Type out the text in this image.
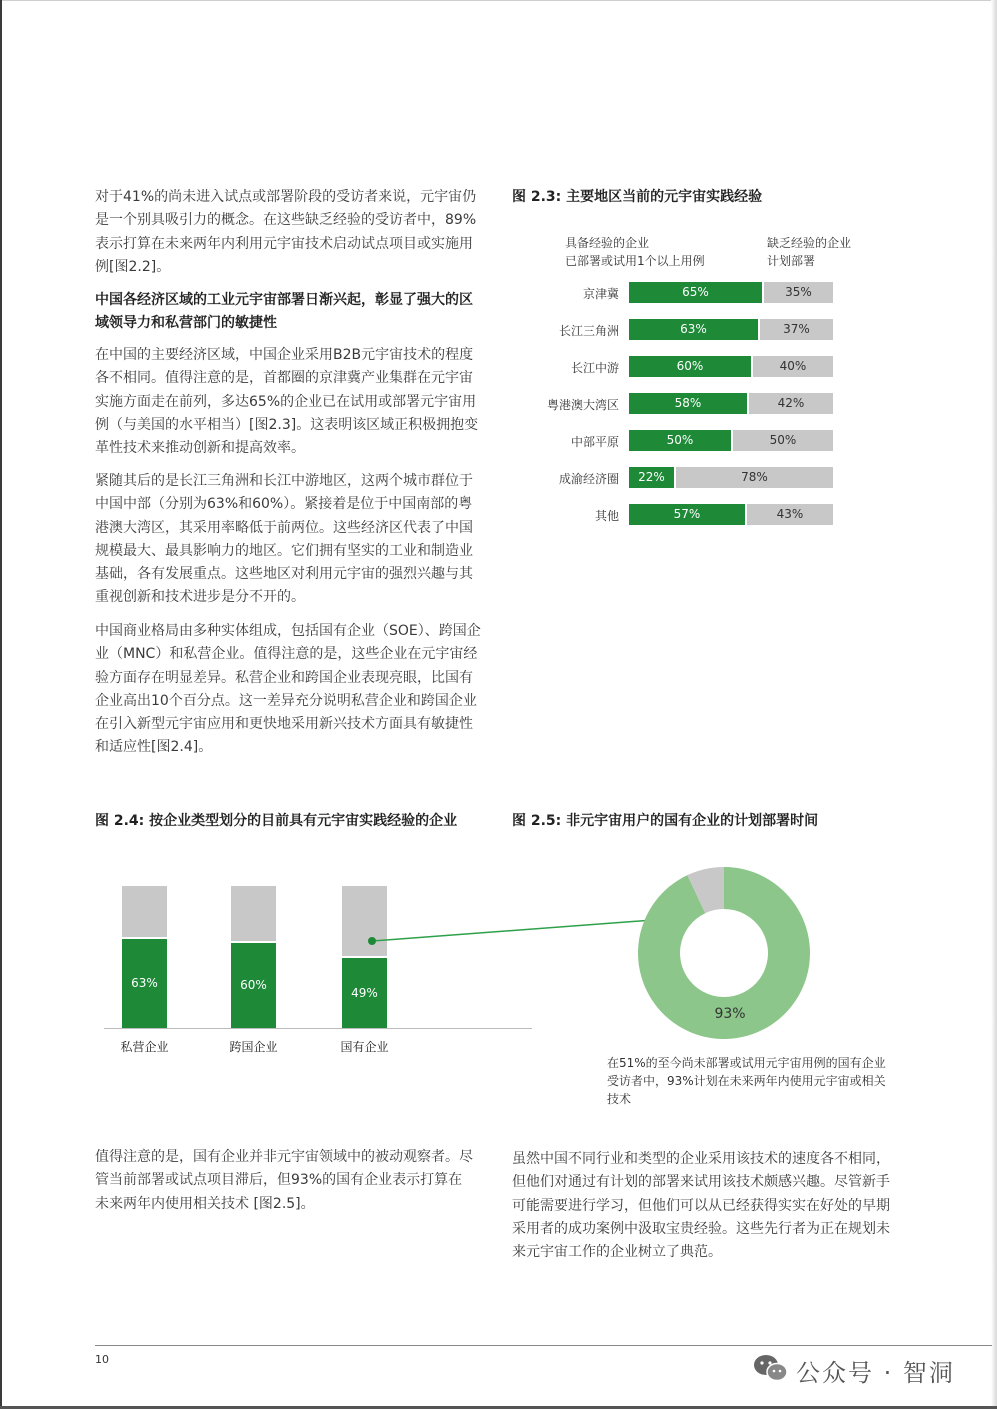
对于41%的尚未进入试点或部署阶段的受访者来说，元宇宙仍是一个别具吸引力的概念。在这些缺乏经验的受访者中，89%表示打算在未来两年内利用元宇宙技术启动试点项目或实施用例[图2.2]。

中国各经济区域的工业元宇宙部署日渐兴起，彰显了强大的区域领导力和私营部门的敏捷性

在中国的主要经济区域，中国企业采用B2B元宇宙技术的程度各不相同。值得注意的是，首都圈的京津冀产业集群在元宇宙实施方面走在前列，多达65%的企业已在试用或部署元宇宙用例（与美国的水平相当）[图2.3]。这表明该区域正积极拥抱变革性技术来推动创新和提高效率。

紧随其后的是长江三角洲和长江中游地区，这两个城市群位于中国中部（分别为63%和60%）。紧接着是位于中国南部的粤港澳大湾区，其采用率略低于前两位。这些经济区代表了中国规模最大、最具影响力的地区。它们拥有坚实的工业和制造业基础，各有发展重点。这些地区对利用元宇宙的强烈兴趣与其重视创新和技术进步是分不开的。

中国商业格局由多种实体组成，包括国有企业（SOE）、跨国企业（MNC）和私营企业。值得注意的是，这些企业在元宇宙经验方面存在明显差异。私营企业和跨国企业表现亮眼，比国有企业高出10个百分点。这一差异充分说明私营企业和跨国企业在引入新型元宇宙应用和更快地采用新兴技术方面具有敏捷性和适应性[图2.4]。

图 2.3: 主要地区当前的元宇宙实践经验

具备经验的企业
已部署或试用1个以上用例

缺乏经验的企业
计划部署

京津冀	65%	35%
长江三角洲	63%	37%
长江中游	60%	40%
粤港澳大湾区	58%	42%
中部平原	50%	50%
成渝经济圈	22%	78%
其他	57%	43%

图 2.4: 按企业类型划分的目前具有元宇宙实践经验的企业

63%
私营企业
60%
跨国企业
49%
国有企业

图 2.5: 非元宇宙用户的国有企业的计划部署时间

93%

在51%的至今尚未部署或试用元宇宙用例的国有企业受访者中，93%计划在未来两年内使用元宇宙或相关技术

值得注意的是，国有企业并非元宇宙领域中的被动观察者。尽管当前部署或试点项目滞后，但93%的国有企业表示打算在未来两年内使用相关技术 [图2.5]。

虽然中国不同行业和类型的企业采用该技术的速度各不相同，但他们对通过有计划的部署来试用该技术颇感兴趣。尽管新手可能需要进行学习，但他们可以从已经获得实实在好处的早期采用者的成功案例中汲取宝贵经验。这些先行者为正在规划未来元宇宙工作的企业树立了典范。

10	公众号 · 智洞
